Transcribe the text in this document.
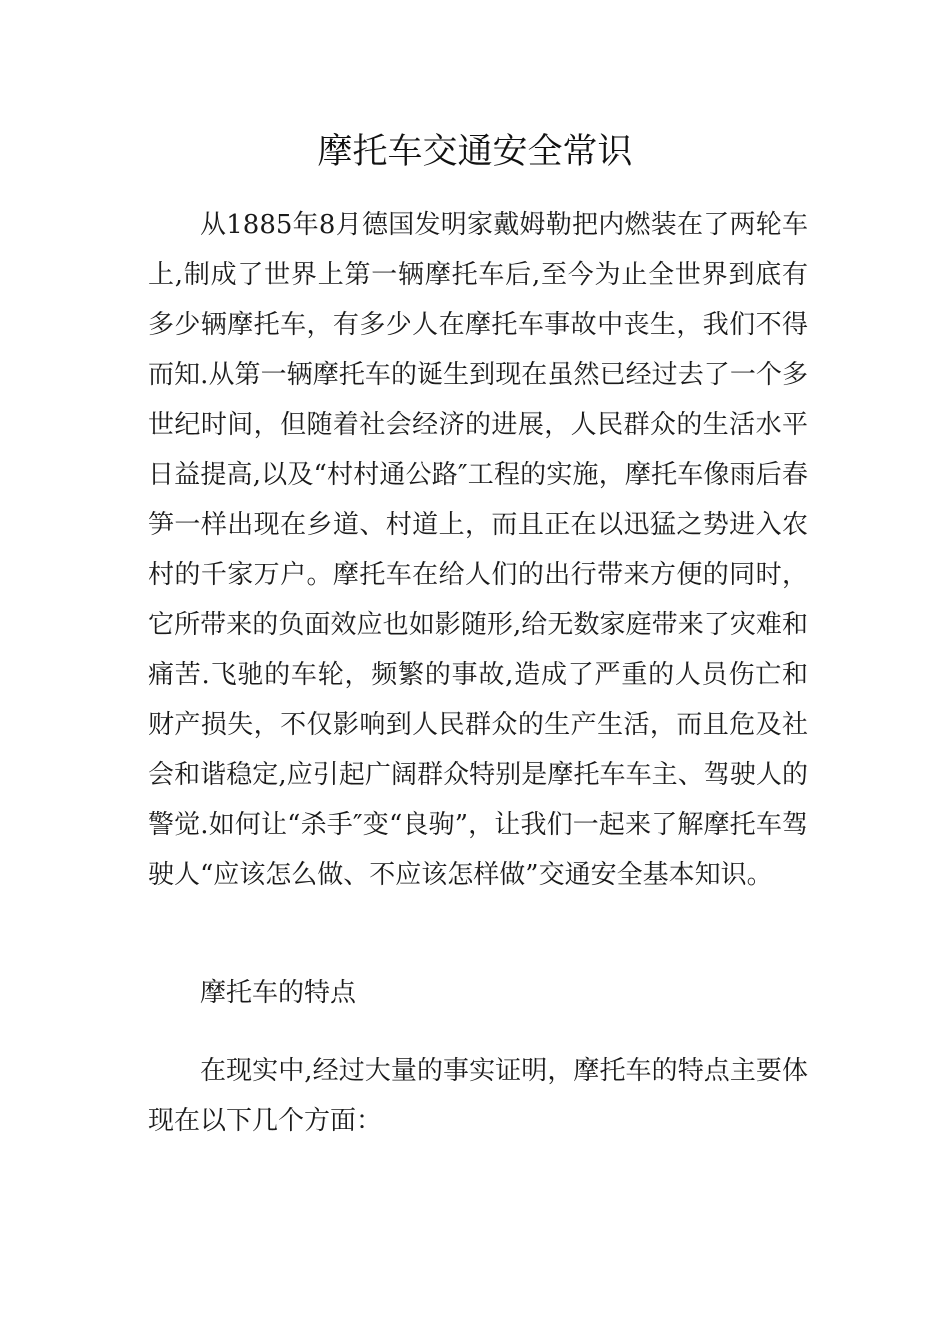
摩托车交通安全常识

从1885年8月德国发明家戴姆勒把内燃装在了两轮车上,制成了世界上第一辆摩托车后,至今为止全世界到底有多少辆摩托车，有多少人在摩托车事故中丧生，我们不得而知.从第一辆摩托车的诞生到现在虽然已经过去了一个多世纪时间，但随着社会经济的进展，人民群众的生活水平日益提高,以及“村村通公路″工程的实施，摩托车像雨后春笋一样出现在乡道、村道上，而且正在以迅猛之势进入农村的千家万户。摩托车在给人们的出行带来方便的同时，它所带来的负面效应也如影随形,给无数家庭带来了灾难和痛苦.飞驰的车轮，频繁的事故,造成了严重的人员伤亡和财产损失，不仅影响到人民群众的生产生活，而且危及社会和谐稳定,应引起广阔群众特别是摩托车车主、驾驶人的警觉.如何让“杀手″变“良驹”，让我们一起来了解摩托车驾驶人“应该怎么做、不应该怎样做”交通安全基本知识。

摩托车的特点

在现实中,经过大量的事实证明，摩托车的特点主要体现在以下几个方面：
